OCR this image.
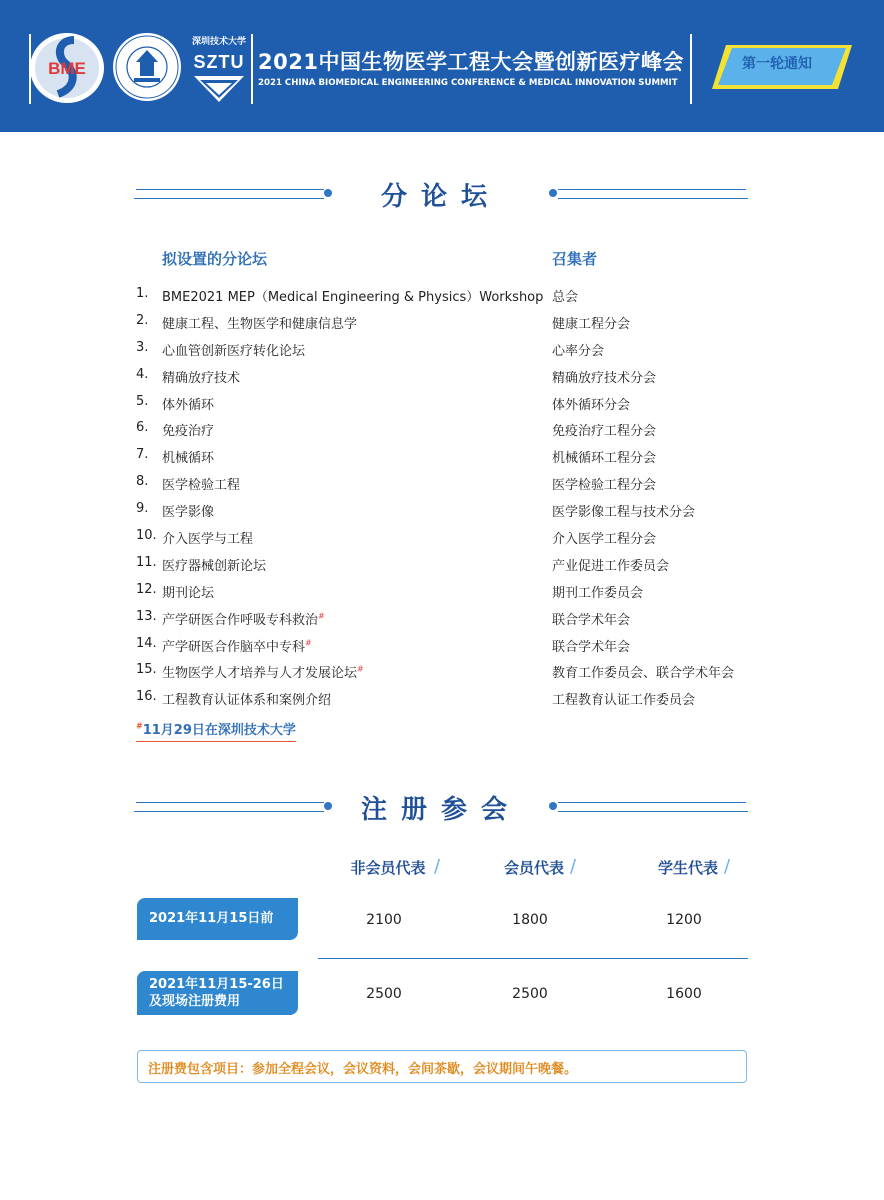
BME
深圳技术大学
SZTU 2021中国生物医学工程大会暨创新医疗峰会
2021 CHINA BIOMEDICAL ENGINEERING CONFERENCE & MEDICAL INNOVATION SUMMIT
第一轮通知
分论坛
拟设置的分论坛	召集者
1. BME2021 MEP（Medical Engineering & Physics）Workshop 总会
2. 健康工程、生物医学和健康信息学	健康工程分会
3. 心血管创新医疗转化论坛	心率分会
4. 精确放疗技术	精确放疗技术分会
5. 体外循环	体外循环分会
6. 免疫治疗	免疫治疗工程分会
7. 机械循环	机械循环工程分会
8. 医学检验工程	医学检验工程分会
9. 医学影像	医学影像工程与技术分会
10. 介入医学与工程	介入医学工程分会
11. 医疗器械创新论坛	产业促进工作委员会
12. 期刊论坛	期刊工作委员会
13. 产学研医合作呼吸专科救治#	联合学术年会
14. 产学研医合作脑卒中专科#	联合学术年会
15. 生物医学人才培养与人才发展论坛#	教育工作委员会、联合学术年会
16. 工程教育认证体系和案例介绍	工程教育认证工作委员会
#11月29日在深圳技术大学
注册参会
非会员代表 /	会员代表 /	学生代表 /
2021年11月15日前	2100	1800	1200
2021年11月15-26日
及现场注册费用	2500	2500	1600
注册费包含项目：参加全程会议，会议资料，会间茶歇，会议期间午晚餐。
